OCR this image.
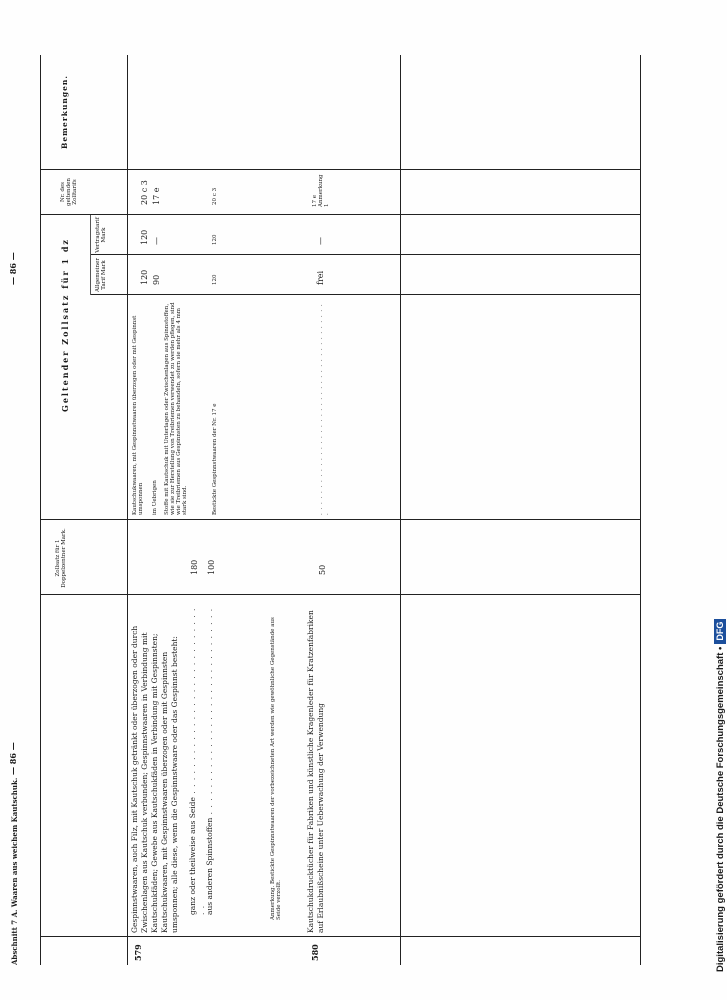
Abschnitt 7 A. Waaren aus weichem Kautschuk.
— 86 —
— 86 —
Zollsatz für 1 Doppelzentner Mark.
579
Gespinnstwaaren, auch Filz, mit Kautschuk getränkt oder überzogen oder durch Zwischenlagen aus Kautschuk verbunden; Gespinnstwaaren in Verbindung mit Kautschukfäden; Gewebe aus Kautschukfäden in Verbindung mit Gespinnsten; Kautschukwaaren, mit Gespinnstwaaren überzogen oder mit Gespinnsten umsponnen; alle diese, wenn die Gespinnstwaare oder das Gespinnst besteht: ganz oder theilweise aus Seide . . . . . . . . . . . . . . . . . . . . . . . . . . . . . .
180
aus anderen Spinnstoffen . . . . . . . . . . . . . . . . . . . . . . . . . . . . . . .
100
Anmerkung. Bestickte Gespinnstwaaren der vorbezeichneten Art werden wie gewöhnliche Gegenstände aus Seide verzollt.
580
Kautschukdrucktücher für Fabriken und künstliche Kragenleder für Kratzenfabriken auf Erlaubnißscheine unter Ueberwachung der Verwendung
50
Geltender Zollsatz für 1 dz	Allgemeiner Tarif Mark
Vertragstarif Mark
Nr. des geltenden Zolltarifs
Bemerkungen.
Kautschukwaaren, mit Gespinnstwaaren überzogen oder mit Gespinnst umsponnen
120
120
20 c 3
im Uebrigen
90
—
17 e
Stoffe mit Kautschuk mit Unterlagen oder Zwischenlagen aus Spinnstoffen, wie sie zur Herstellung von Treibriemen verwendet zu werden pflegen, sind wie Treibriemen aus Gespinnsten zu behandeln, sofern sie mehr als 4 mm stark sind.	Bestickte Gespinnstwaaren der Nr. 17 e
120
120
20 c 3
. . . . . . . . . . . . . . . . . . . . . . . . . . . . . . . . . . . . . . . .
frei
—
17 e Anmerkung 1
Digitalisierung gefördert durch die Deutsche Forschungsgemeinschaft •DFG
